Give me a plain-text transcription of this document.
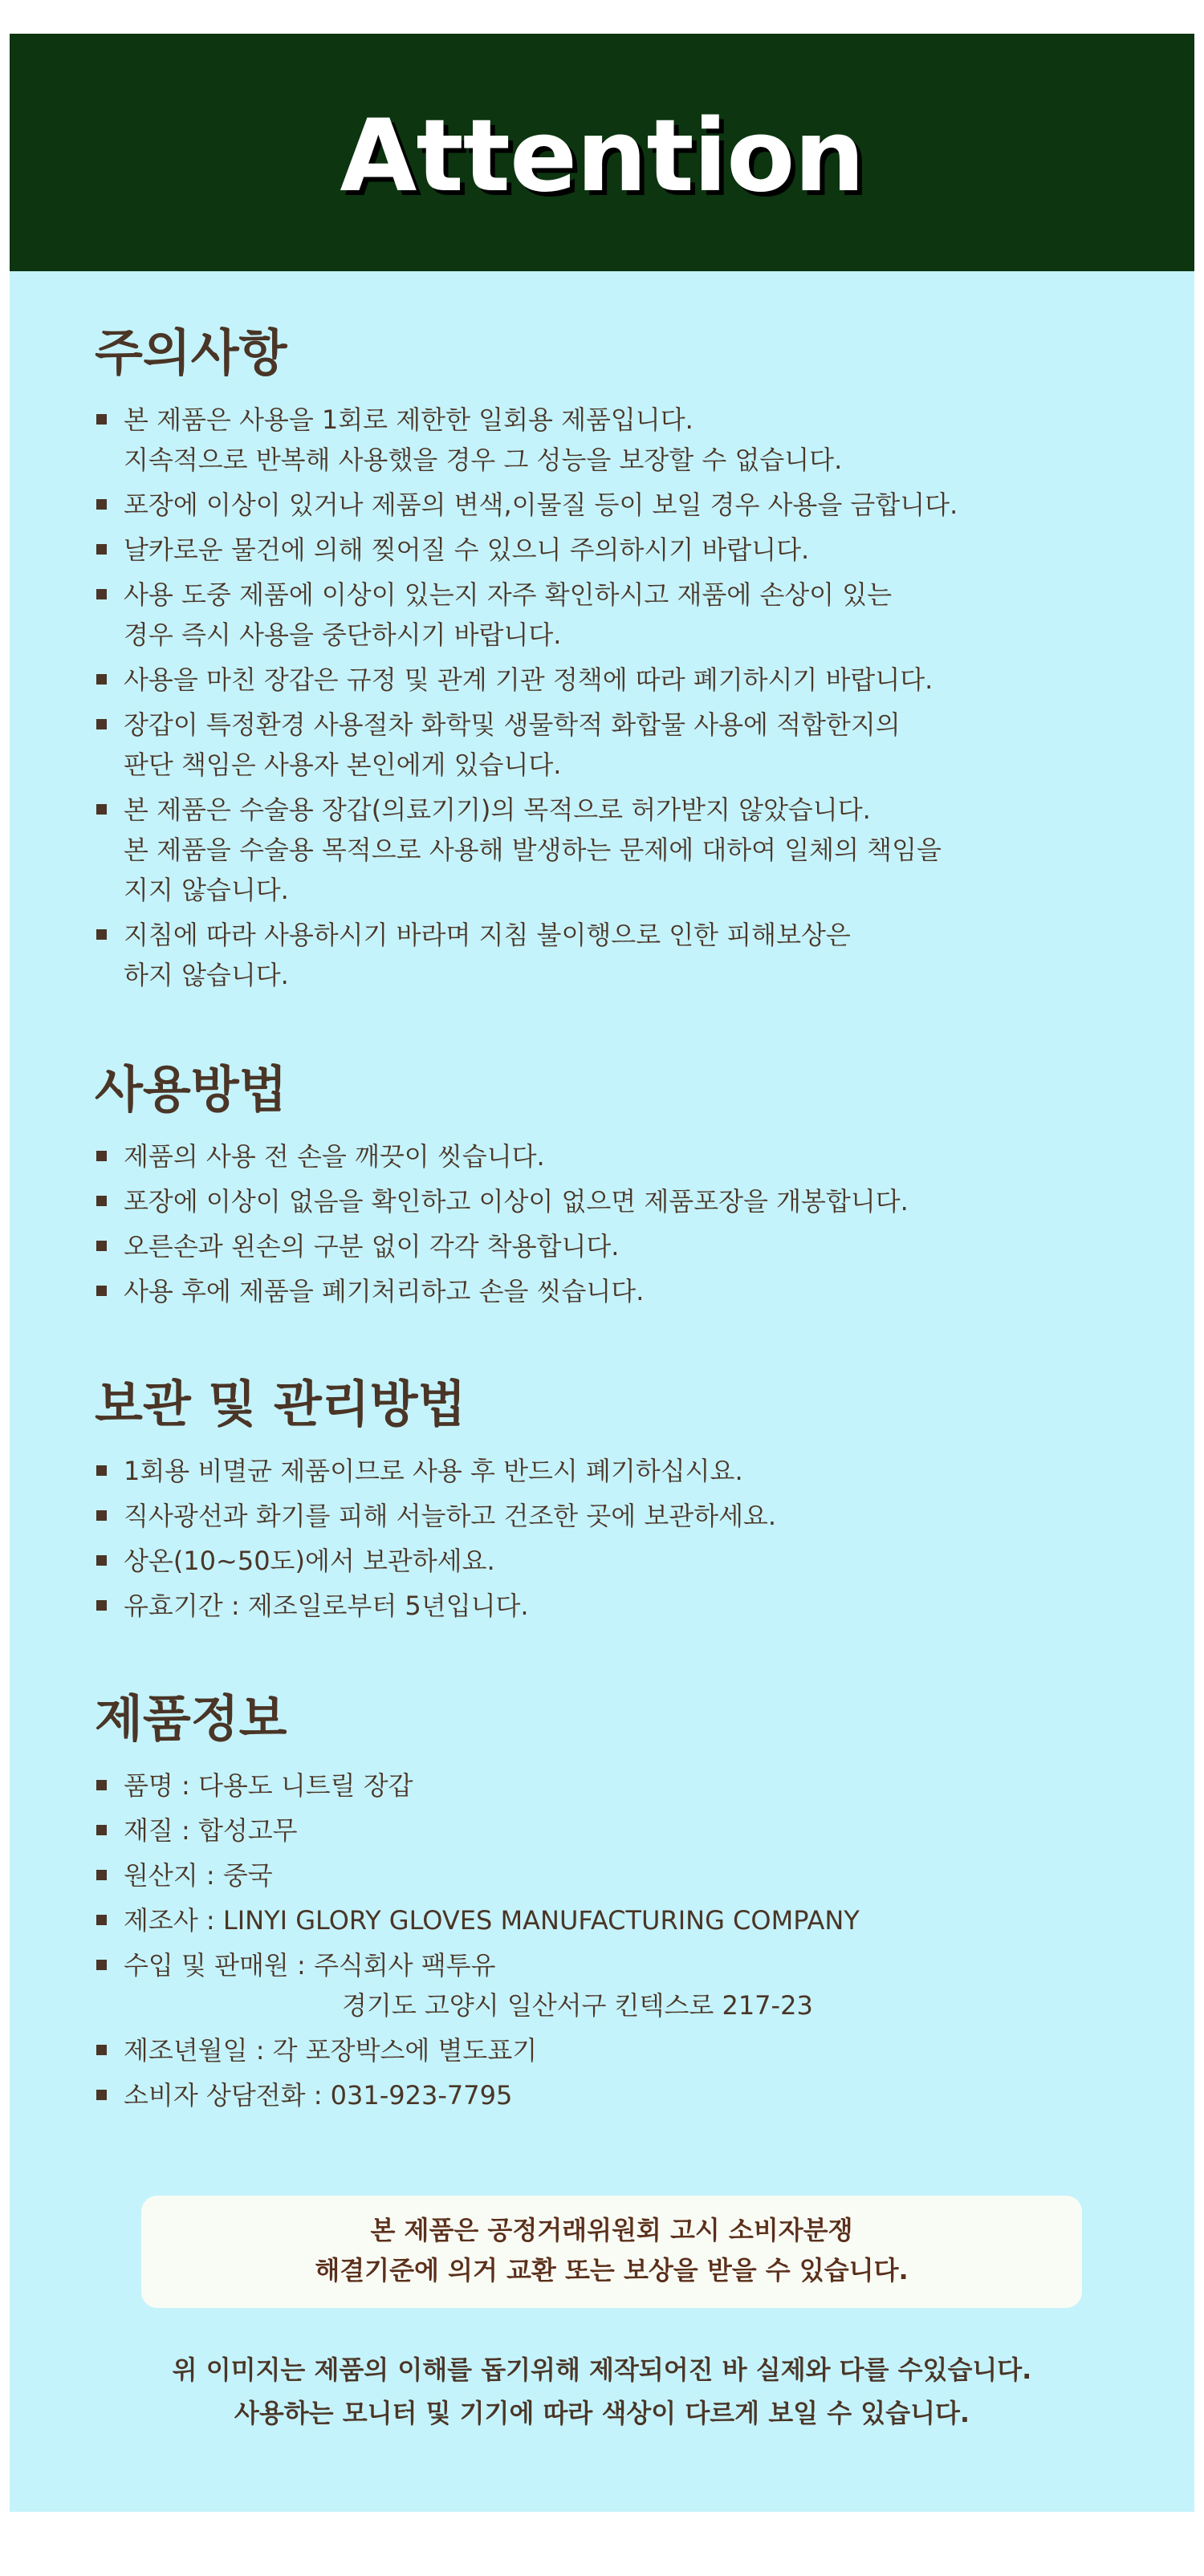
Attention
주의사항
본 제품은 사용을 1회로 제한한 일회용 제품입니다.
지속적으로 반복해 사용했을 경우 그 성능을 보장할 수 없습니다.
포장에 이상이 있거나 제품의 변색,이물질 등이 보일 경우 사용을 금합니다.
날카로운 물건에 의해 찢어질 수 있으니 주의하시기 바랍니다.
사용 도중 제품에 이상이 있는지 자주 확인하시고 재품에 손상이 있는
경우 즉시 사용을 중단하시기 바랍니다.
사용을 마친 장갑은 규정 및 관계 기관 정책에 따라 폐기하시기 바랍니다.
장갑이 특정환경 사용절차 화학및 생물학적 화합물 사용에 적합한지의
판단 책임은 사용자 본인에게 있습니다.
본 제품은 수술용 장갑(의료기기)의 목적으로 허가받지 않았습니다.
본 제품을 수술용 목적으로 사용해 발생하는 문제에 대하여 일체의 책임을
지지 않습니다.
지침에 따라 사용하시기 바라며 지침 불이행으로 인한 피해보상은
하지 않습니다.
사용방법
제품의 사용 전 손을 깨끗이 씻습니다.
포장에 이상이 없음을 확인하고 이상이 없으면 제품포장을 개봉합니다.
오른손과 왼손의 구분 없이 각각 착용합니다.
사용 후에 제품을 폐기처리하고 손을 씻습니다.
보관 및 관리방법
1회용 비멸균 제품이므로 사용 후 반드시 폐기하십시요.
직사광선과 화기를 피해 서늘하고 건조한 곳에 보관하세요.
상온(10~50도)에서 보관하세요.
유효기간 : 제조일로부터 5년입니다.
제품정보
품명 : 다용도 니트릴 장갑
재질 : 합성고무
원산지 : 중국
제조사 : LINYI GLORY GLOVES MANUFACTURING COMPANY
수입 및 판매원 : 주식회사 팩투유
경기도 고양시 일산서구 킨텍스로 217-23
제조년월일 : 각 포장박스에 별도표기
소비자 상담전화 : 031-923-7795
본 제품은 공정거래위원회 고시 소비자분쟁
해결기준에 의거 교환 또는 보상을 받을 수 있습니다.
위 이미지는 제품의 이해를 돕기위해 제작되어진 바 실제와 다를 수있습니다.
사용하는 모니터 및 기기에 따라 색상이 다르게 보일 수 있습니다.
